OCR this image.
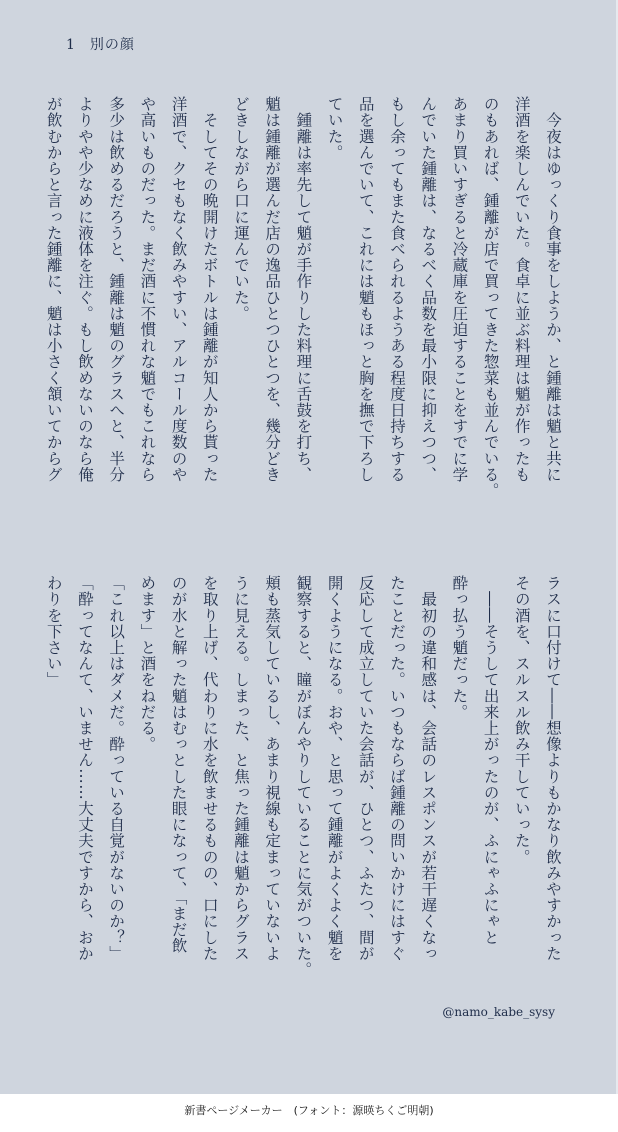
1 別の顔

　今夜はゆっくり食事をしようか、と鍾離は魈と共に

洋酒を楽しんでいた。食卓に並ぶ料理は魈が作ったも

のもあれば、鍾離が店で買ってきた惣菜も並んでいる。

あまり買いすぎると冷蔵庫を圧迫することをすでに学

んでいた鍾離は、なるべく品数を最小限に抑えつつ、

もし余ってもまた食べられるようある程度日持ちする

品を選んでいて、これには魈もほっと胸を撫で下ろし

ていた。

　鍾離は率先して魈が手作りした料理に舌鼓を打ち、

魈は鍾離が選んだ店の逸品ひとつひとつを、幾分どき

どきしながら口に運んでいた。

　そしてその晩開けたボトルは鍾離が知人から貰った

洋酒で、クセもなく飲みやすい、アルコール度数のや

や高いものだった。まだ酒に不慣れな魈でもこれなら

多少は飲めるだろうと、鍾離は魈のグラスへと、半分

よりやや少なめに液体を注ぐ。もし飲めないのなら俺

が飲むからと言った鍾離に、魈は小さく頷いてからグ

ラスに口付けて――想像よりもかなり飲みやすかった

その酒を、スルスル飲み干していった。

　――そうして出来上がったのが、ふにゃふにゃと

酔っ払う魈だった。

　最初の違和感は、会話のレスポンスが若干遅くなっ

たことだった。いつもならば鍾離の問いかけにはすぐ

反応して成立していた会話が、ひとつ、ふたつ、間が

開くようになる。おや、と思って鍾離がよくよく魈を

観察すると、瞳がぼんやりしていることに気がついた。

頬も蒸気しているし、あまり視線も定まっていないよ

うに見える。しまった、と焦った鍾離は魈からグラス

を取り上げ、代わりに水を飲ませるものの、口にした

のが水と解った魈はむっとした眼になって、「まだ飲

めます」と酒をねだる。

「これ以上はダメだ。酔っている自覚がないのか？」

「酔ってなんて、いません……大丈夫ですから、おか

わりを下さい」

@namo_kabe_sysy
新書ページメーカー　(フォント：源暎ちくご明朝)
